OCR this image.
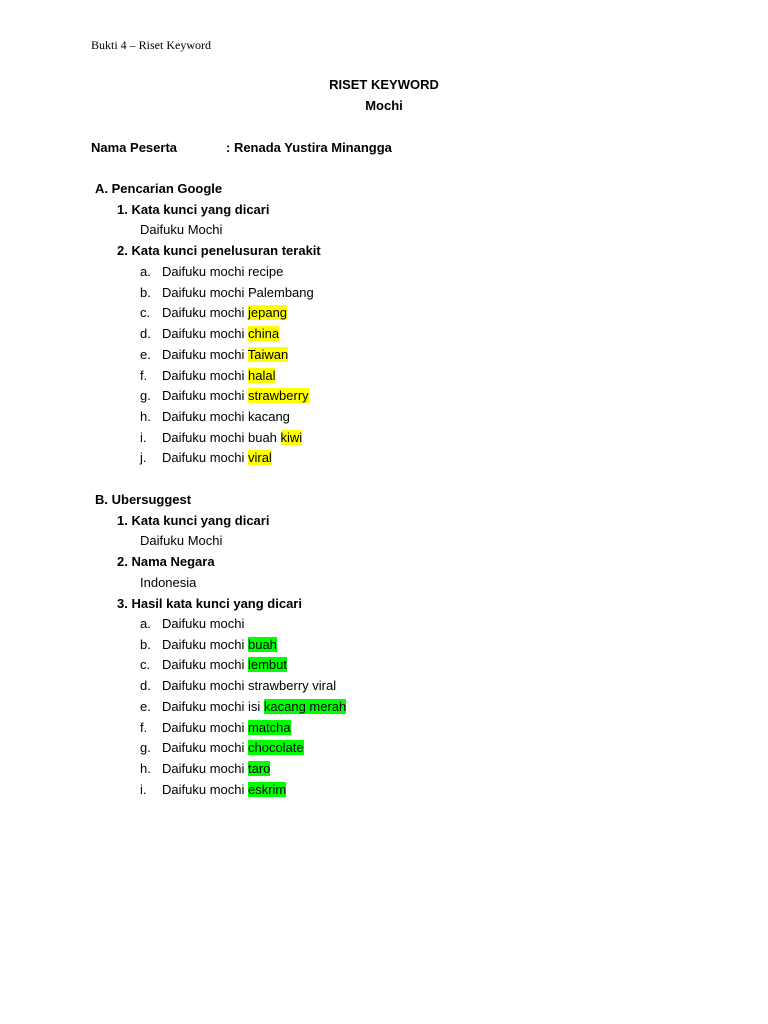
Bukti 4 – Riset Keyword
RISET KEYWORD
Mochi
Nama Peserta	: Renada Yustira Minangga
A. Pencarian Google
1. Kata kunci yang dicari
Daifuku Mochi
2. Kata kunci penelusuran terakit
a. Daifuku mochi recipe
b. Daifuku mochi Palembang
c. Daifuku mochi jepang
d. Daifuku mochi china
e. Daifuku mochi Taiwan
f. Daifuku mochi halal
g. Daifuku mochi strawberry
h. Daifuku mochi kacang
i. Daifuku mochi buah kiwi
j. Daifuku mochi viral
B. Ubersuggest
1. Kata kunci yang dicari
Daifuku Mochi
2. Nama Negara
Indonesia
3. Hasil kata kunci yang dicari
a. Daifuku mochi
b. Daifuku mochi buah
c. Daifuku mochi lembut
d. Daifuku mochi strawberry viral
e. Daifuku mochi isi kacang merah
f. Daifuku mochi matcha
g. Daifuku mochi chocolate
h. Daifuku mochi taro
i. Daifuku mochi eskrim
